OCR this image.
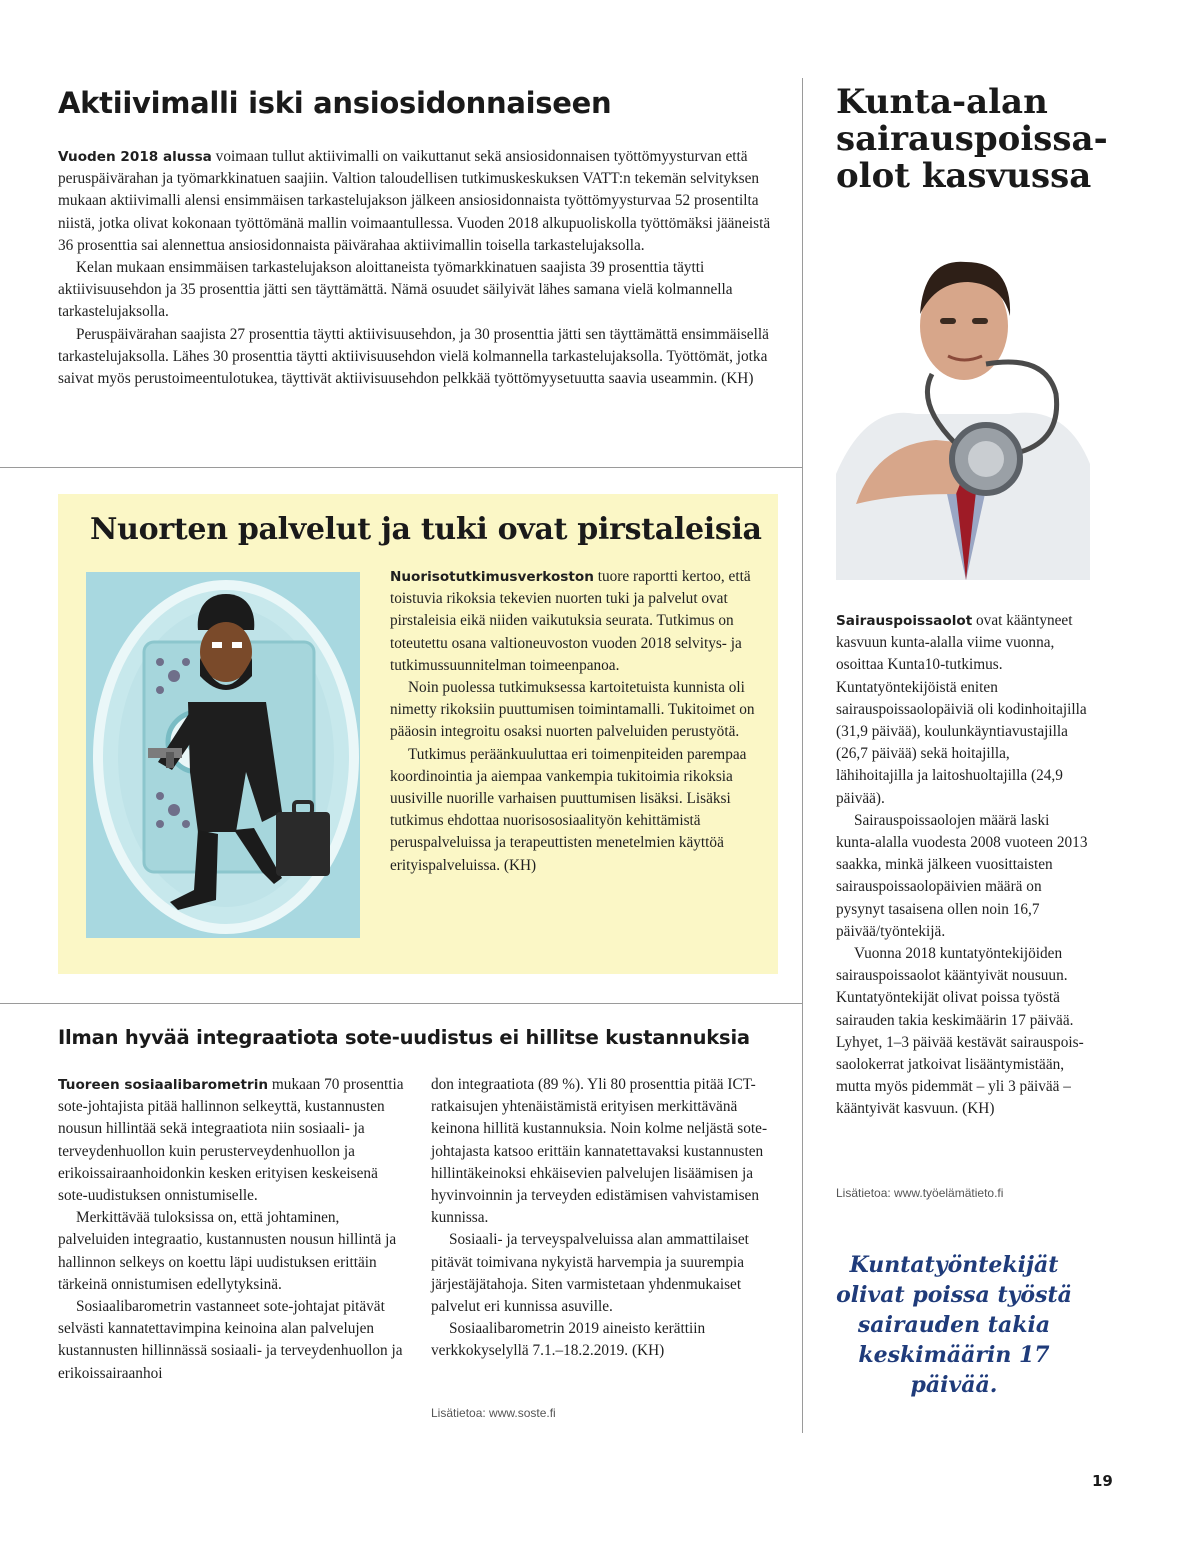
Aktiivimalli iski ansiosidonnaiseen

Vuoden 2018 alussa voimaan tullut aktiivimalli on vaikuttanut sekä ansiosidonnaisen työttömyysturvan että peruspäivärahan ja työmarkkinatuen saajiin. Valtion taloudellisen tutkimuskeskuksen VATT:n tekemän selvityksen mukaan aktiivimalli alensi ensimmäisen tarkastelujakson jälkeen ansiosidonnaista työttömyysturvaa 52 prosentilta niistä, jotka olivat kokonaan työttömänä mallin voimaantullessa. Vuoden 2018 alkupuoliskolla työttömäksi jääneistä 36 prosenttia sai alennettua ansiosidonnaista päivärahaa aktiivimallin toisella tarkastelujaksolla.

Kelan mukaan ensimmäisen tarkastelujakson aloittaneista työmarkkinatuen saajista 39 prosenttia täytti aktiivisuusehdon ja 35 prosenttia jätti sen täyttämättä. Nämä osuudet säilyivät lähes samana vielä kolmannella tarkastelujaksolla.

Peruspäivärahan saajista 27 prosenttia täytti aktiivisuusehdon, ja 30 prosenttia jätti sen täyttämättä ensimmäisellä tarkastelujaksolla. Lähes 30 prosenttia täytti aktiivisuusehdon vielä kolmannella tarkastelujaksolla. Työttömät, jotka saivat myös perustoimeentulotukea, täyttivät aktiivisuusehdon pelkkää työttömyysetuutta saavia useammin. (KH)

Nuorten palvelut ja tuki ovat pirstaleisia

Nuorisotutkimusverkoston tuore raportti kertoo, että toistuvia rikoksia tekevien nuorten tuki ja palvelut ovat pirstaleisia eikä niiden vaikutuksia seurata. Tutkimus on toteutettu osana valtioneuvoston vuoden 2018 selvitys- ja tutkimussuunnitelman toimeenpanoa.

Noin puolessa tutkimuksessa kartoitetuista kunnista oli nimetty rikoksiin puuttumisen toimintamalli. Tukitoimet on pääosin integroitu osaksi nuorten palveluiden perustyötä.

Tutkimus peräänkuuluttaa eri toimenpiteiden parempaa koordinointia ja aiempaa vankempia tukitoimia rikoksia uusiville nuorille varhaisen puuttumisen lisäksi. Lisäksi tutkimus ehdottaa nuorisososiaalityön kehittämistä peruspalveluissa ja terapeuttisten menetelmien käyttöä erityispalveluissa. (KH)

Ilman hyvää integraatiota sote-uudistus ei hillitse kustannuksia

Tuoreen sosiaalibarometrin mukaan 70 prosenttia sote-johtajista pitää hallinnon selkeyttä, kustannusten nousun hillintää sekä integraatiota niin sosiaali- ja terveydenhuollon kuin perusterveydenhuollon ja erikoissairaanhoidonkin kesken erityisen keskeisenä sote-uudistuksen onnistumiselle.

Merkittävää tuloksissa on, että johtaminen, palveluiden integraatio, kustannusten nousun hillintä ja hallinnon selkeys on koettu läpi uudistuksen erittäin tärkeinä onnistumisen edellytyksinä.

Sosiaalibarometrin vastanneet sote-johtajat pitävät selvästi kannatettavimpina keinoina alan palvelujen kustannusten hillinnässä sosiaali- ja terveydenhuollon ja erikoissairaanhoi

don integraatiota (89 %). Yli 80 prosenttia pitää ICT-ratkaisujen yhtenäistämistä erityisen merkittävänä keinona hillitä kustannuksia. Noin kolme neljästä sote-johtajasta katsoo erittäin kannatettavaksi kustannusten hillintäkeinoksi ehkäisevien palvelujen lisäämisen ja hyvinvoinnin ja terveyden edistämisen vahvistamisen kunnissa.

Sosiaali- ja terveyspalveluissa alan ammattilaiset pitävät toimivana nykyistä harvempia ja suurempia järjestäjätahoja. Siten varmistetaan yhdenmukaiset palvelut eri kunnissa asuville.

Sosiaalibarometrin 2019 aineisto kerättiin verkkokyselyllä 7.1.–18.2.2019. (KH)

Lisätietoa: www.soste.fi
Kunta-alan sairauspoissaolot kasvussa

Sairauspoissaolot ovat kääntyneet kasvuun kunta-alalla viime vuonna, osoittaa Kunta10-tutkimus. Kuntatyöntekijöistä eniten sairauspoissaolopäiviä oli kodinhoitajilla (31,9 päivää), koulunkäyntiavustajilla (26,7 päivää) sekä hoitajilla, lähihoitajilla ja laitoshuoltajilla (24,9 päivää).

Sairauspoissaolojen määrä laski kunta-alalla vuodesta 2008 vuoteen 2013 saakka, minkä jälkeen vuosittaisten sairauspoissaolopäivien määrä on pysynyt tasaisena ollen noin 16,7 päivää/työntekijä.

Vuonna 2018 kuntatyöntekijöiden sairauspoissaolot kääntyivät nousuun. Kuntatyöntekijät olivat poissa työstä sairauden takia keskimäärin 17 päivää. Lyhyet, 1–3 päivää kestävät sairauspoissaolokerrat jatkoivat lisääntymistään, mutta myös pidemmät – yli 3 päivää – kääntyivät kasvuun. (KH)

Lisätietoa: www.työelämätieto.fi
Kuntatyöntekijät olivat poissa työstä sairauden takia keskimäärin 17 päivää.
19
